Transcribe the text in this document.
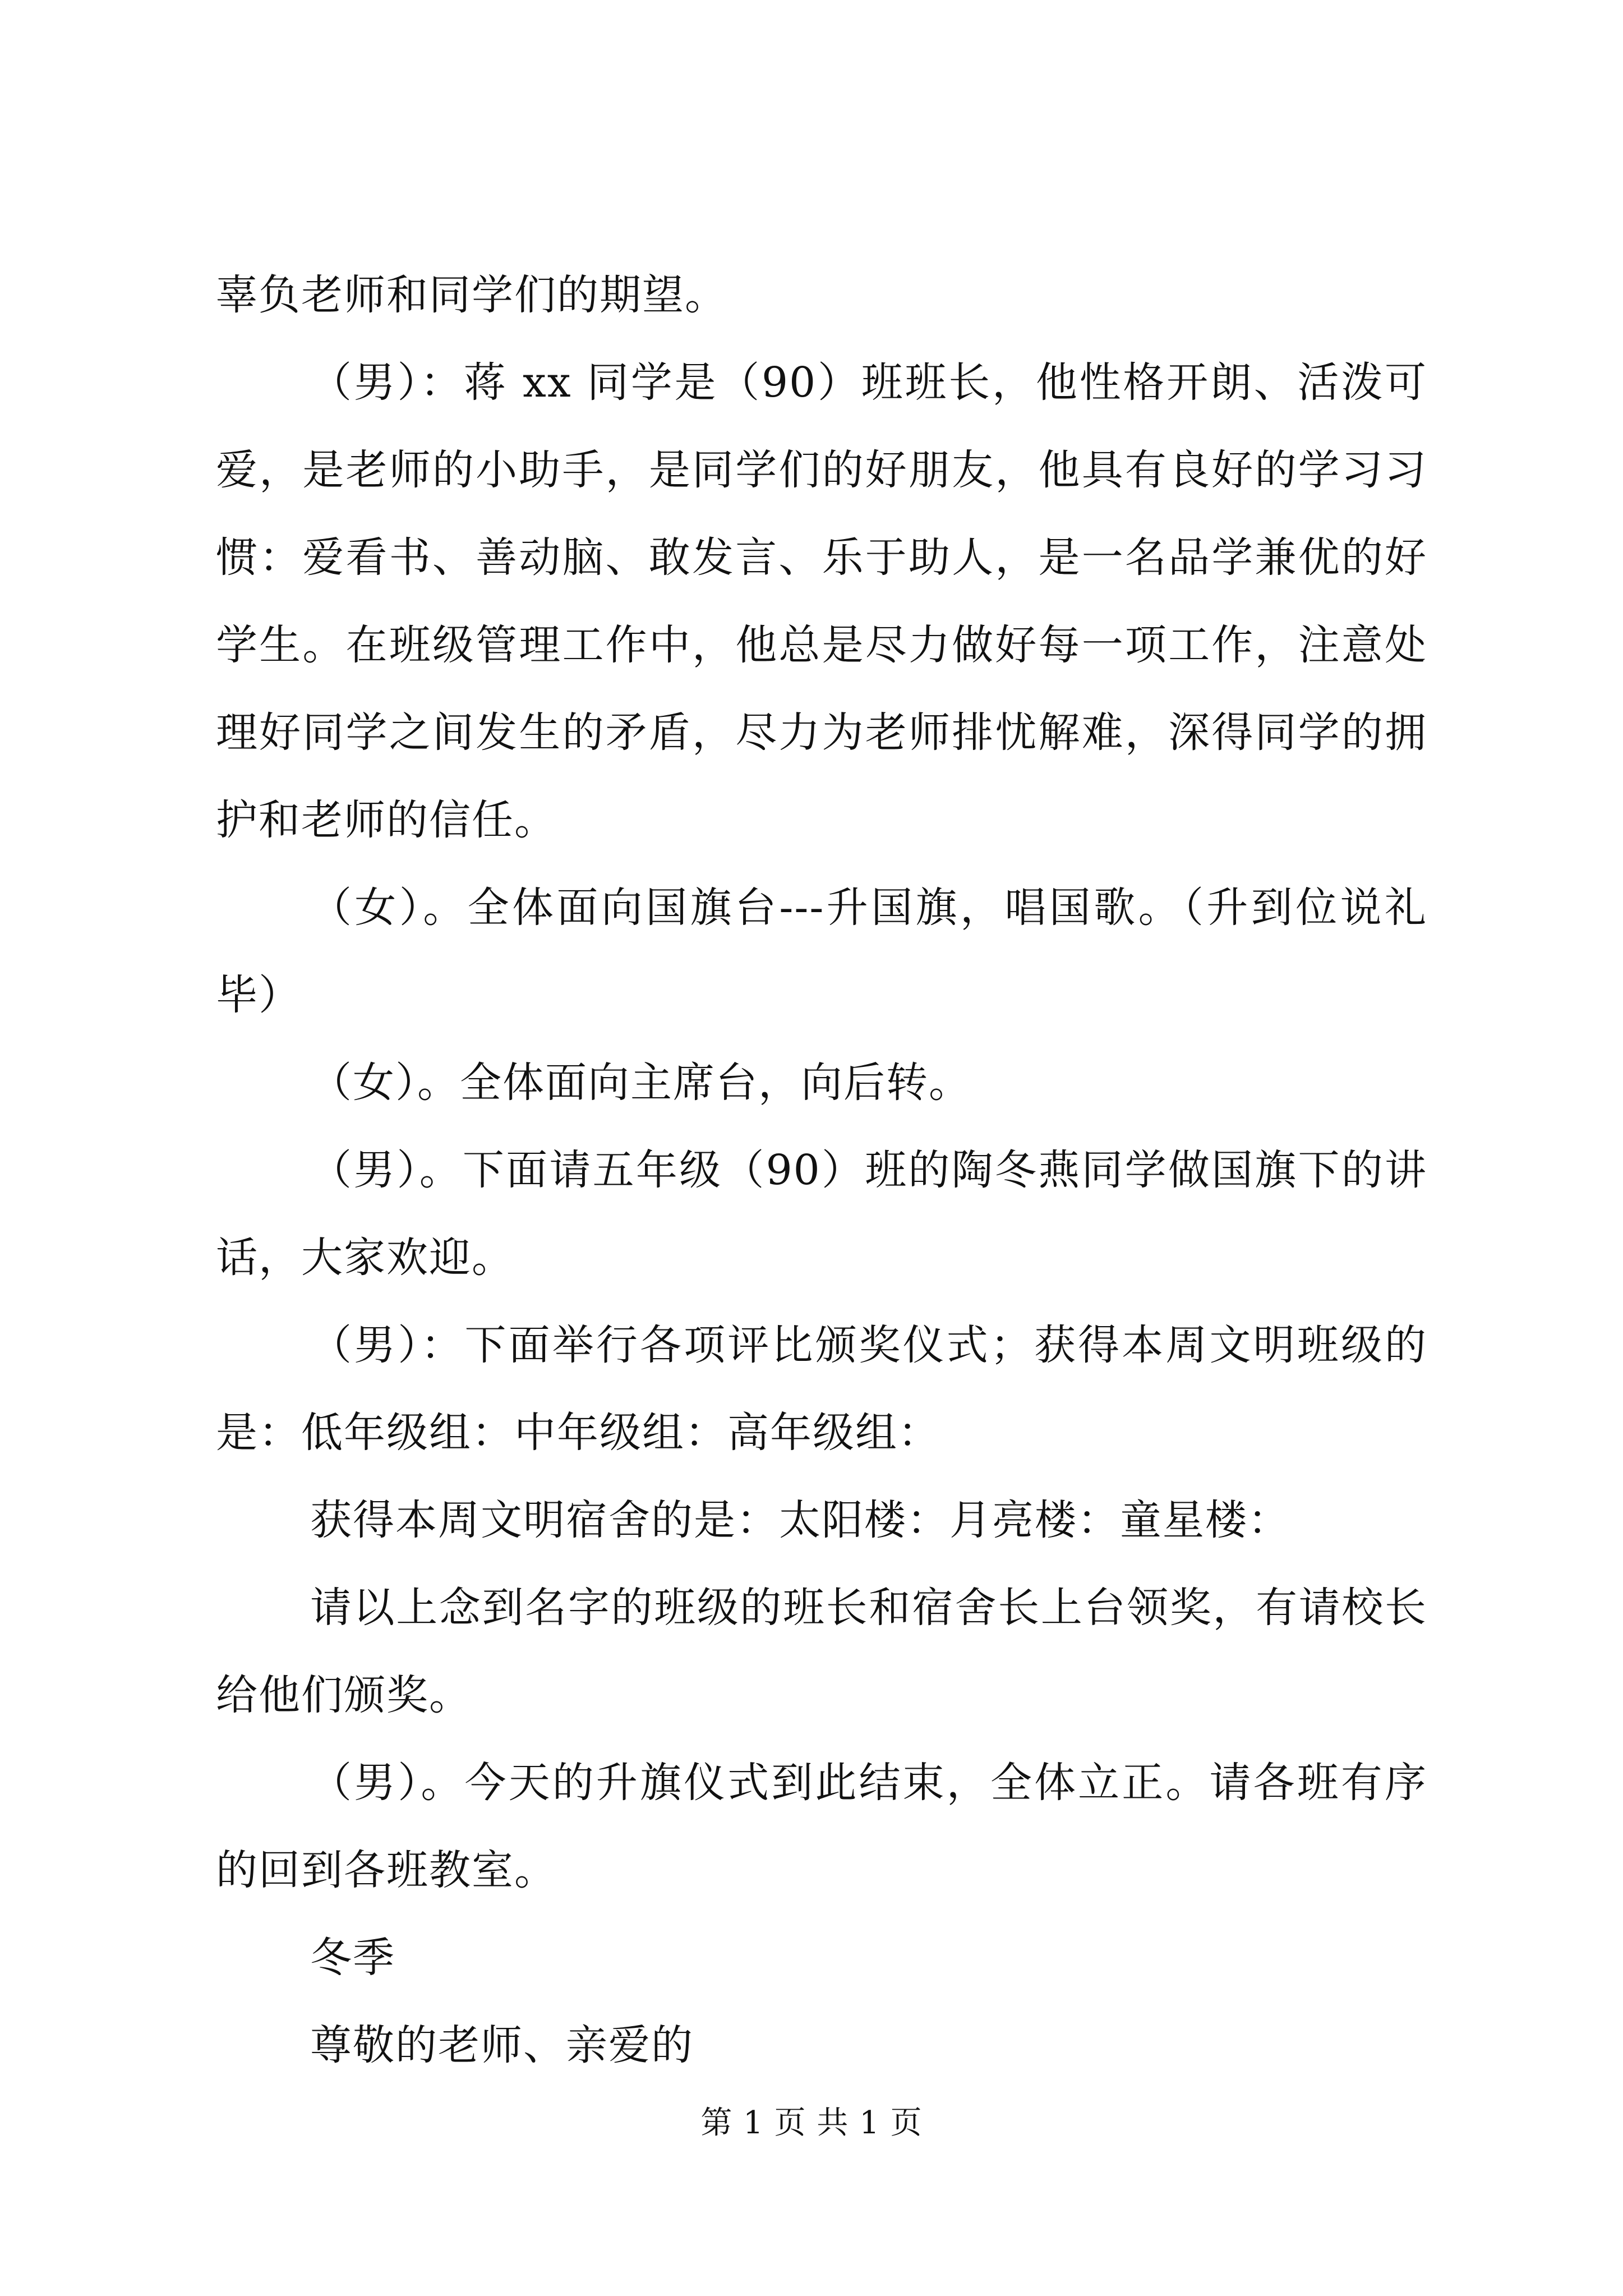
辜负老师和同学们的期望。

（男）：蒋 xx 同学是（90）班班长，他性格开朗、活泼可爱，是老师的小助手，是同学们的好朋友，他具有良好的学习习惯：爱看书、善动脑、敢发言、乐于助人，是一名品学兼优的好学生。在班级管理工作中，他总是尽力做好每一项工作，注意处理好同学之间发生的矛盾，尽力为老师排忧解难，深得同学的拥护和老师的信任。

（女）。全体面向国旗台---升国旗，唱国歌。（升到位说礼毕）

（女）。全体面向主席台，向后转。

（男）。下面请五年级（90）班的陶冬燕同学做国旗下的讲话，大家欢迎。

（男）：下面举行各项评比颁奖仪式；获得本周文明班级的是：低年级组：中年级组：高年级组：

获得本周文明宿舍的是：太阳楼：月亮楼：童星楼：

请以上念到名字的班级的班长和宿舍长上台领奖，有请校长给他们颁奖。

（男）。今天的升旗仪式到此结束，全体立正。请各班有序的回到各班教室。

冬季

尊敬的老师、亲爱的

第 1 页 共 1 页
